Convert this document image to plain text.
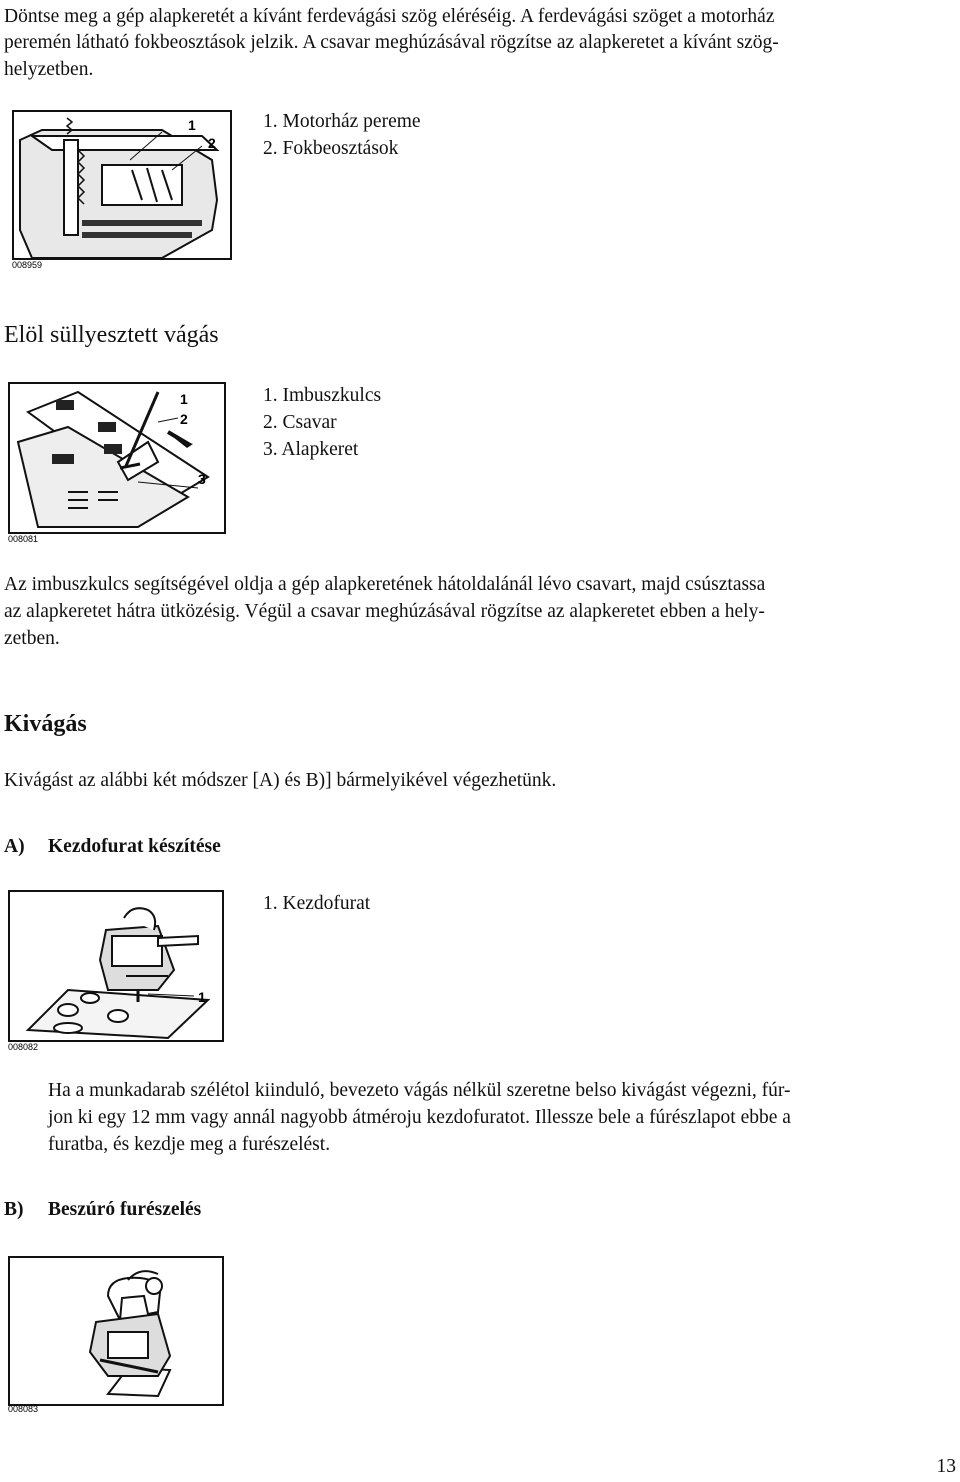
Döntse meg a gép alapkeretét a kívánt ferdevágási szög eléréséig. A ferdevágási szöget a motorház
peremén látható fokbeosztások jelzik. A csavar meghúzásával rögzítse az alapkeretet a kívánt szög-
helyzetben.
1
2
008959
1. Motorház pereme
2. Fokbeosztások
Elöl süllyesztett vágás
1
2
3
008081
1. Imbuszkulcs
2. Csavar
3. Alapkeret
Az imbuszkulcs segítségével oldja a gép alapkeretének hátoldalánál lévo csavart, majd csúsztassa
az alapkeretet hátra ütközésig. Végül a csavar meghúzásával rögzítse az alapkeretet ebben a hely-
zetben.
Kivágás
Kivágást az alábbi két módszer [A) és B)] bármelyikével végezhetünk.
A) Kezdofurat készítése
1
008082
1. Kezdofurat
Ha a munkadarab szélétol kiinduló, bevezeto vágás nélkül szeretne belso kivágást végezni, fúr-
jon ki egy 12 mm vagy annál nagyobb átméroju kezdofuratot. Illessze bele a fúrészlapot ebbe a
furatba, és kezdje meg a furészelést.
B) Beszúró furészelés
008083
13
